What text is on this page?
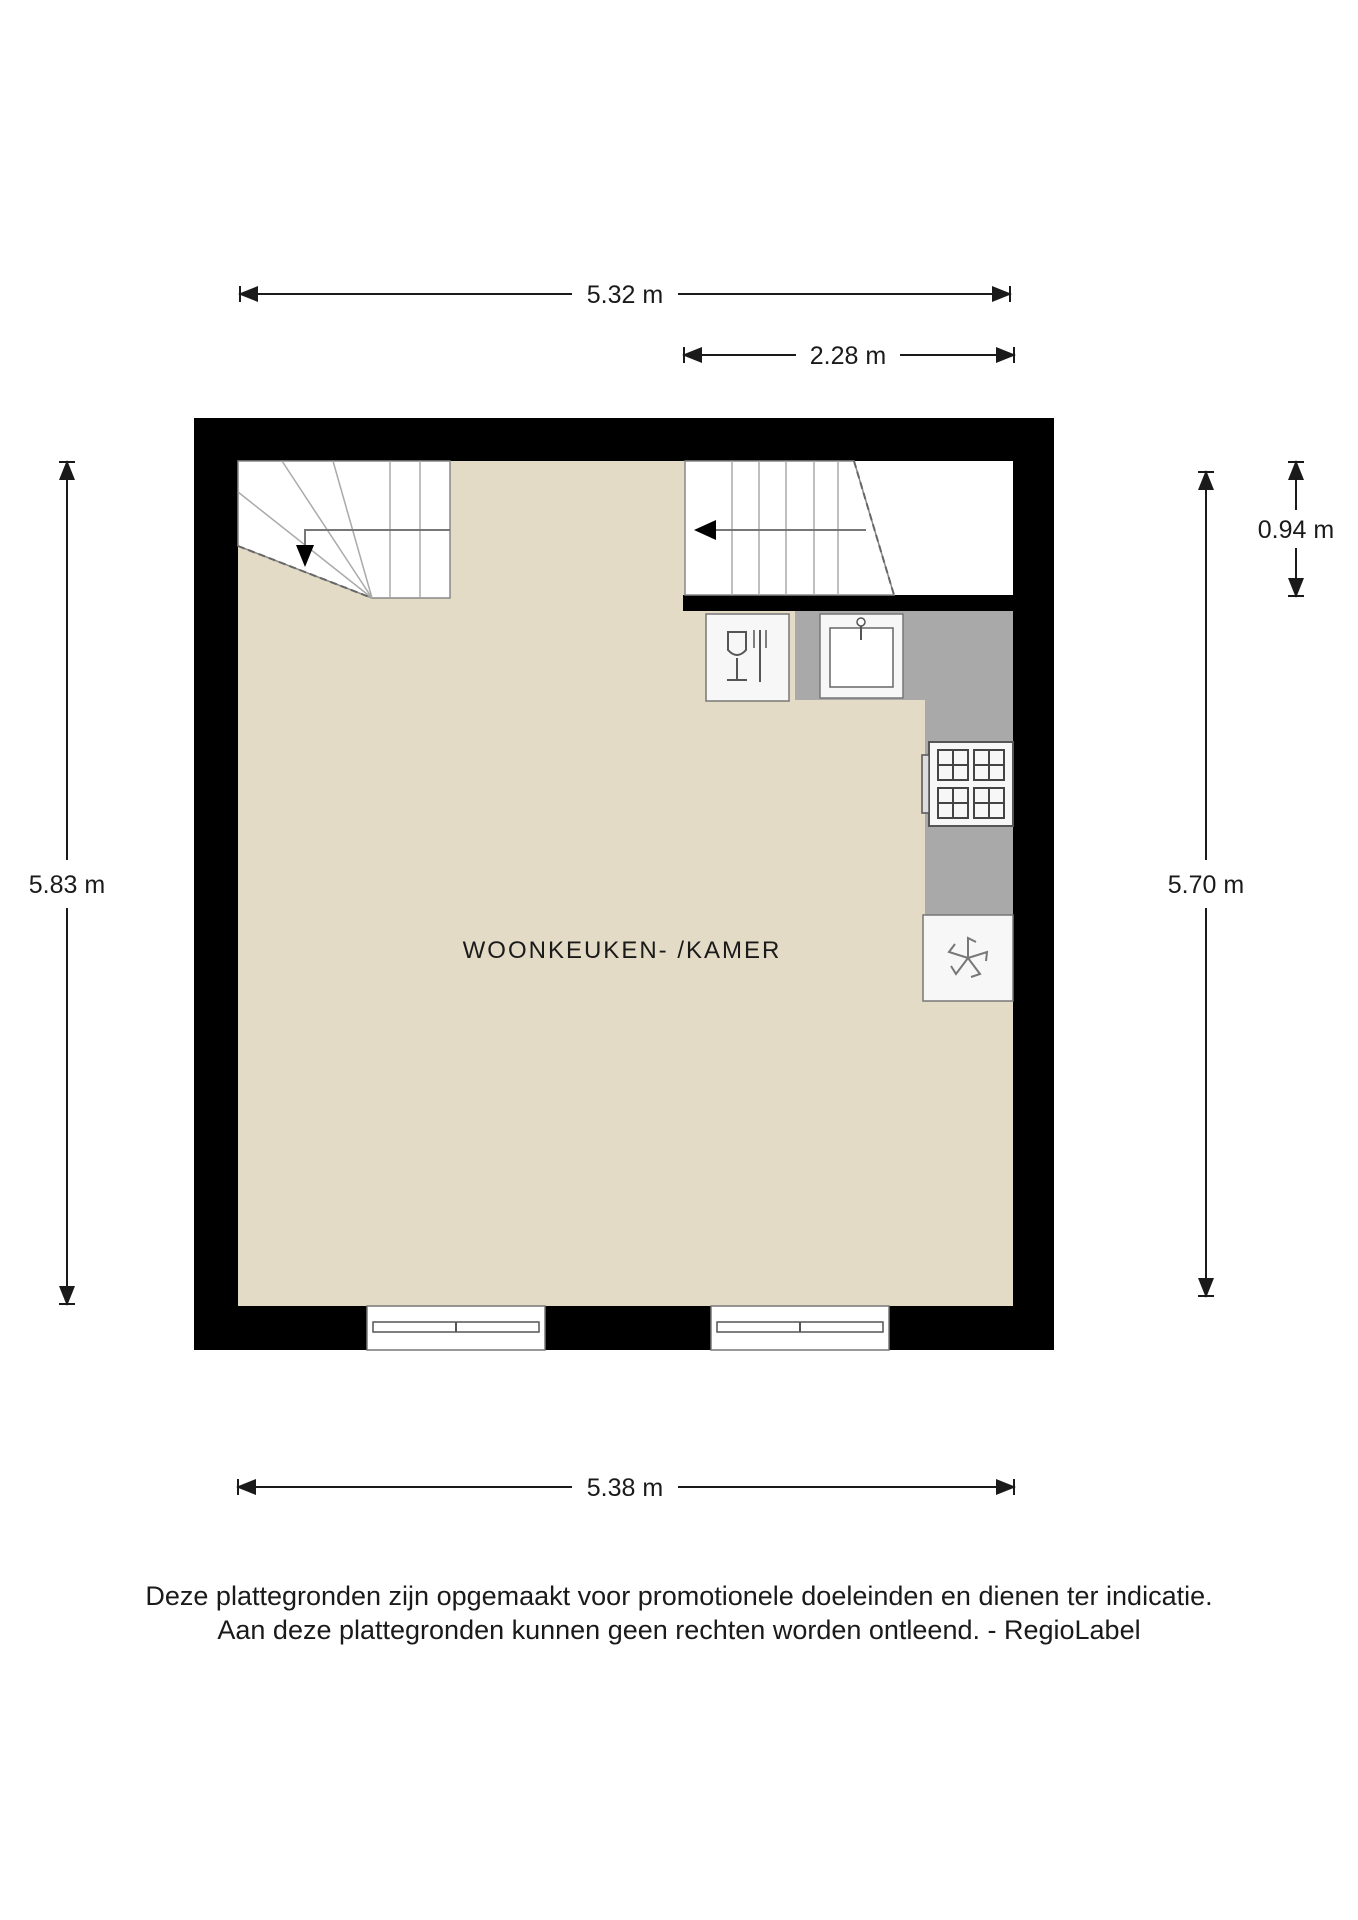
WOONKEUKEN- /KAMER
5.32 m
2.28 m
5.83 m	5.70 m
0.94 m
5.38 m
Deze plattegronden zijn opgemaakt voor promotionele doeleinden en dienen ter indicatie.
Aan deze plattegronden kunnen geen rechten worden ontleend. - RegioLabel
